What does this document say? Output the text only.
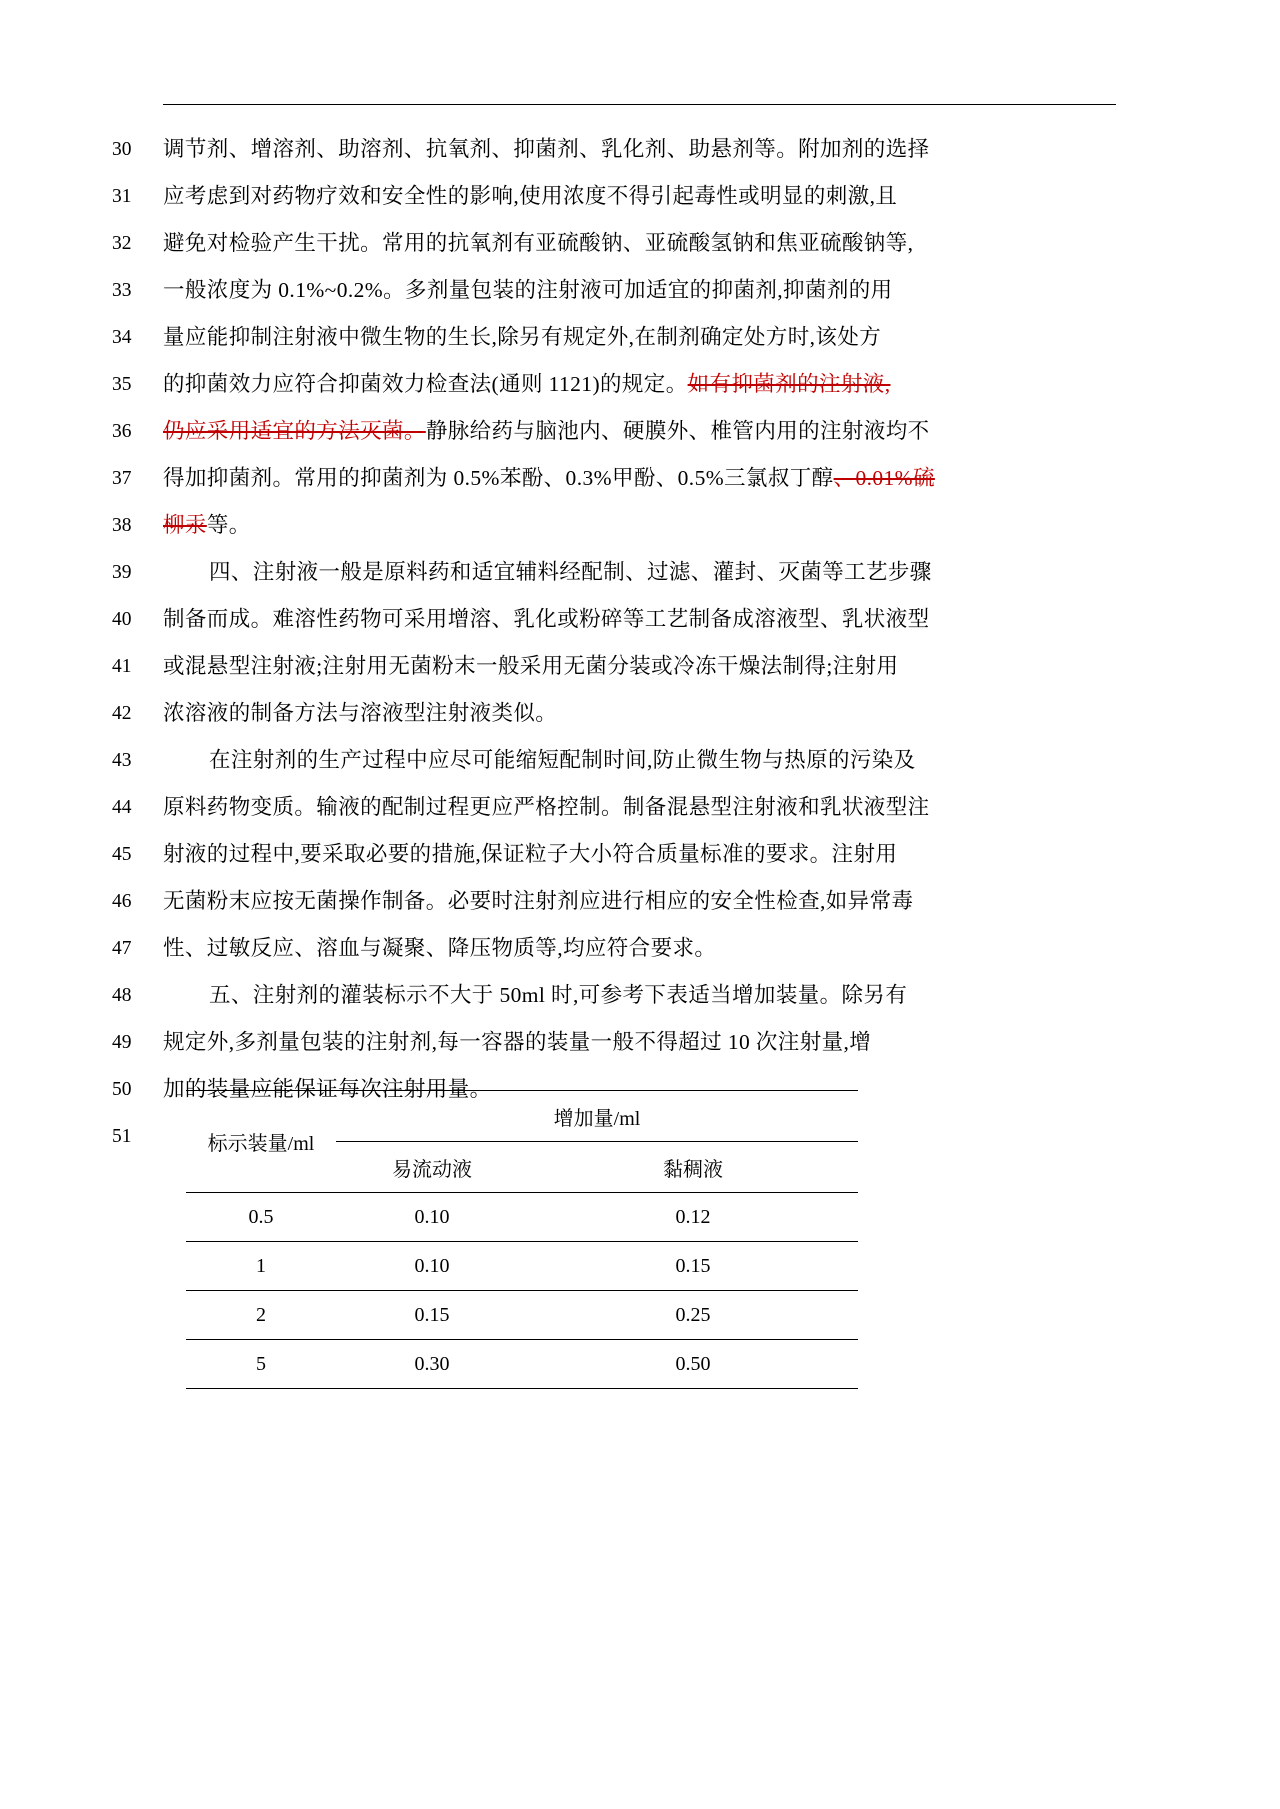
30	调节剂、增溶剂、助溶剂、抗氧剂、抑菌剂、乳化剂、助悬剂等。附加剂的选择
31	应考虑到对药物疗效和安全性的影响,使用浓度不得引起毒性或明显的刺激,且
32	避免对检验产生干扰。常用的抗氧剂有亚硫酸钠、亚硫酸氢钠和焦亚硫酸钠等,
33	一般浓度为 0.1%~0.2%。多剂量包装的注射液可加适宜的抑菌剂,抑菌剂的用
34	量应能抑制注射液中微生物的生长,除另有规定外,在制剂确定处方时,该处方
35	的抑菌效力应符合抑菌效力检查法(通则 1121)的规定。如有抑菌剂的注射液,
36	仍应采用适宜的方法灭菌。静脉给药与脑池内、硬膜外、椎管内用的注射液均不
37	得加抑菌剂。常用的抑菌剂为 0.5%苯酚、0.3%甲酚、0.5%三氯叔丁醇、0.01%硫
38	柳汞等。
39	四、注射液一般是原料药和适宜辅料经配制、过滤、灌封、灭菌等工艺步骤
40	制备而成。难溶性药物可采用增溶、乳化或粉碎等工艺制备成溶液型、乳状液型
41	或混悬型注射液;注射用无菌粉末一般采用无菌分装或冷冻干燥法制得;注射用
42	浓溶液的制备方法与溶液型注射液类似。
43	在注射剂的生产过程中应尽可能缩短配制时间,防止微生物与热原的污染及
44	原料药物变质。输液的配制过程更应严格控制。制备混悬型注射液和乳状液型注
45	射液的过程中,要采取必要的措施,保证粒子大小符合质量标准的要求。注射用
46	无菌粉末应按无菌操作制备。必要时注射剂应进行相应的安全性检查,如异常毒
47	性、过敏反应、溶血与凝聚、降压物质等,均应符合要求。
48	五、注射剂的灌装标示不大于 50ml 时,可参考下表适当增加装量。除另有
49	规定外,多剂量包装的注射剂,每一容器的装量一般不得超过 10 次注射量,增
50	加的装量应能保证每次注射用量。
51	标示装量/ml	增加量/ml	
	易流动液	黏稠液
0.5	0.10	0.12
1	0.10	0.15
2	0.15	0.25
5	0.30	0.50
